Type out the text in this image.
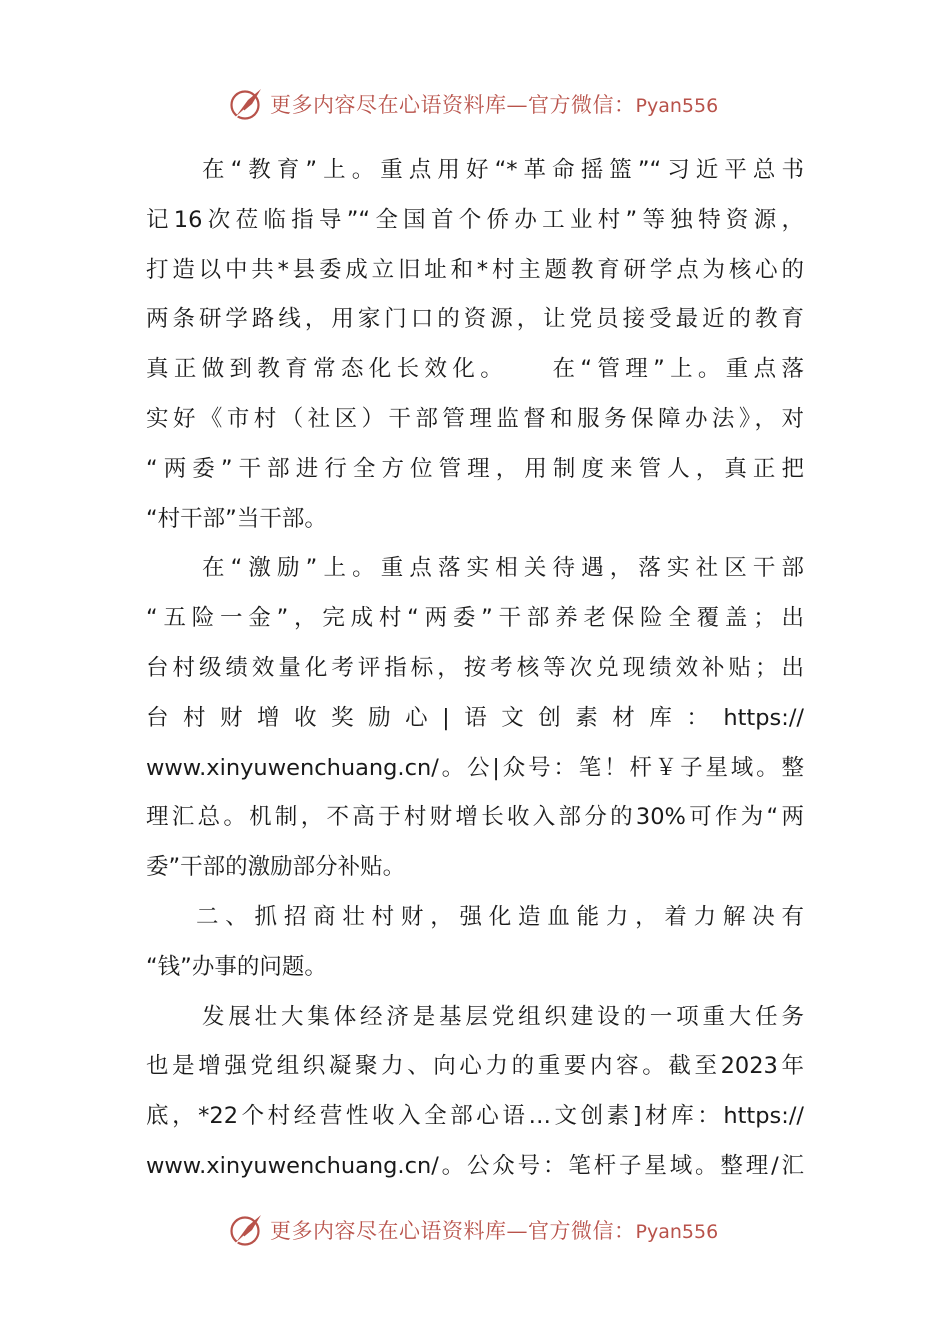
更多内容尽在心语资料库—官方微信：Pyan556
在“教育”上。重点用好“*革命摇篮”“习近平总书
记16次莅临指导”“全国首个侨办工业村”等独特资源，
打造以中共*县委成立旧址和*村主题教育研学点为核心的
两条研学路线，用家门口的资源，让党员接受最近的教育
真正做到教育常态化长效化。　　在“管理”上。重点落
实好《市村（社区）干部管理监督和服务保障办法》，对
“两委”干部进行全方位管理，用制度来管人，真正把
“村干部”当干部。
在“激励”上。重点落实相关待遇，落实社区干部
“五险一金”，完成村“两委”干部养老保险全覆盖；出
台村级绩效量化考评指标，按考核等次兑现绩效补贴；出
台村财增收奖励心|语文创素材库：https://
www.xinyuwenchuang.cn/。公|众号：笔！杆￥子星域。整
理汇总。机制，不高于村财增长收入部分的30%可作为“两
委”干部的激励部分补贴。
二、抓招商壮村财，强化造血能力，着力解决有
“钱”办事的问题。
发展壮大集体经济是基层党组织建设的一项重大任务
也是增强党组织凝聚力、向心力的重要内容。截至2023年
底，*22个村经营性收入全部心语…文创素]材库：https://
www.xinyuwenchuang.cn/。公众号：笔杆子星域。整理/汇
更多内容尽在心语资料库—官方微信：Pyan556
